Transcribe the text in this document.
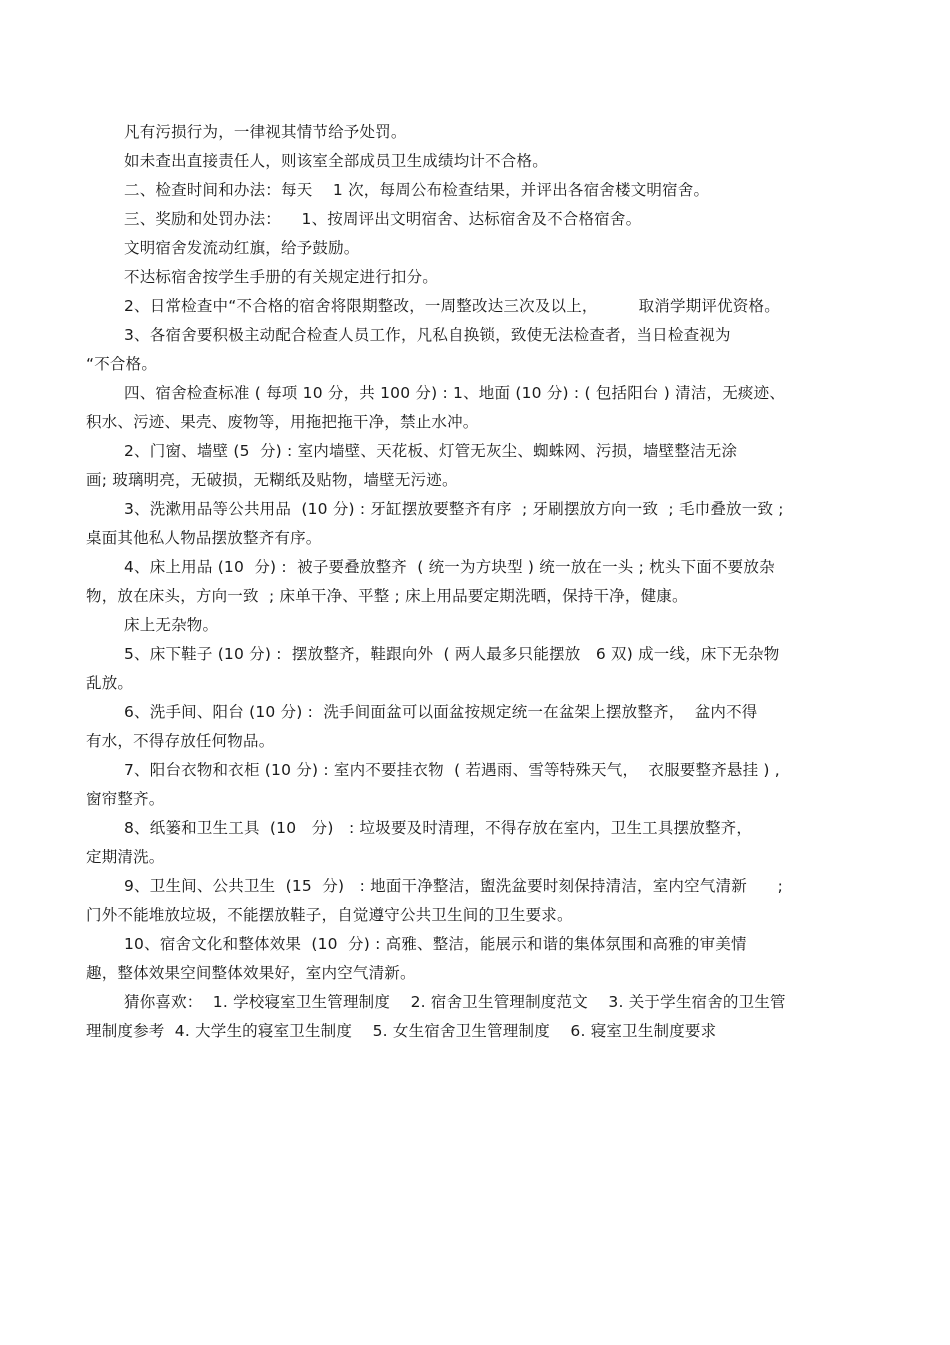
凡有污损行为，一律视其情节给予处罚。
如未查出直接责任人，则该室全部成员卫生成绩均计不合格。
二、检查时间和办法：每天    1 次，每周公布检查结果，并评出各宿舍楼文明宿舍。
三、奖励和处罚办法：    1、按周评出文明宿舍、达标宿舍及不合格宿舍。
文明宿舍发流动红旗，给予鼓励。
不达标宿舍按学生手册的有关规定进行扣分。
2、日常检查中“不合格的宿舍将限期整改，一周整改达三次及以上，        取消学期评优资格。
3、各宿舍要积极主动配合检查人员工作，凡私自换锁，致使无法检查者，当日检查视为
“不合格。
四、宿舍检查标准 ( 每项 10 分，共 100 分) : 1、地面 (10 分) : ( 包括阳台 ) 清洁，无痰迹、
积水、污迹、果壳、废物等，用拖把拖干净，禁止水冲。
2、门窗、墙壁 (5  分) : 室内墙壁、天花板、灯管无灰尘、蜘蛛网、污损，墙壁整洁无涂
画; 玻璃明亮，无破损，无糊纸及贴物，墙壁无污迹。
3、洗漱用品等公共用品  (10 分) : 牙缸摆放要整齐有序  ; 牙刷摆放方向一致  ; 毛巾叠放一致 ;
桌面其他私人物品摆放整齐有序。
4、床上用品 (10  分) :  被子要叠放整齐  ( 统一为方块型 ) 统一放在一头 ; 枕头下面不要放杂
物，放在床头，方向一致  ; 床单干净、平整 ; 床上用品要定期洗晒，保持干净，健康。
床上无杂物。
5、床下鞋子 (10 分) :  摆放整齐，鞋跟向外  ( 两人最多只能摆放   6 双) 成一线，床下无杂物
乱放。
6、洗手间、阳台 (10 分) :  洗手间面盆可以面盆按规定统一在盆架上摆放整齐，  盆内不得
有水，不得存放任何物品。
7、阳台衣物和衣柜 (10 分) : 室内不要挂衣物  ( 若遇雨、雪等特殊天气，  衣服要整齐悬挂 ) ,
窗帘整齐。
8、纸篓和卫生工具  (10   分)   : 垃圾要及时清理，不得存放在室内，卫生工具摆放整齐，
定期清洗。
9、卫生间、公共卫生  (15  分)   : 地面干净整洁，盥洗盆要时刻保持清洁，室内空气清新      ;
门外不能堆放垃圾，不能摆放鞋子，自觉遵守公共卫生间的卫生要求。
10、宿舍文化和整体效果  (10  分) : 高雅、整洁，能展示和谐的集体氛围和高雅的审美情
趣，整体效果空间整体效果好，室内空气清新。
猜你喜欢：  1. 学校寝室卫生管理制度    2. 宿舍卫生管理制度范文    3. 关于学生宿舍的卫生管
理制度参考  4. 大学生的寝室卫生制度    5. 女生宿舍卫生管理制度    6. 寝室卫生制度要求
